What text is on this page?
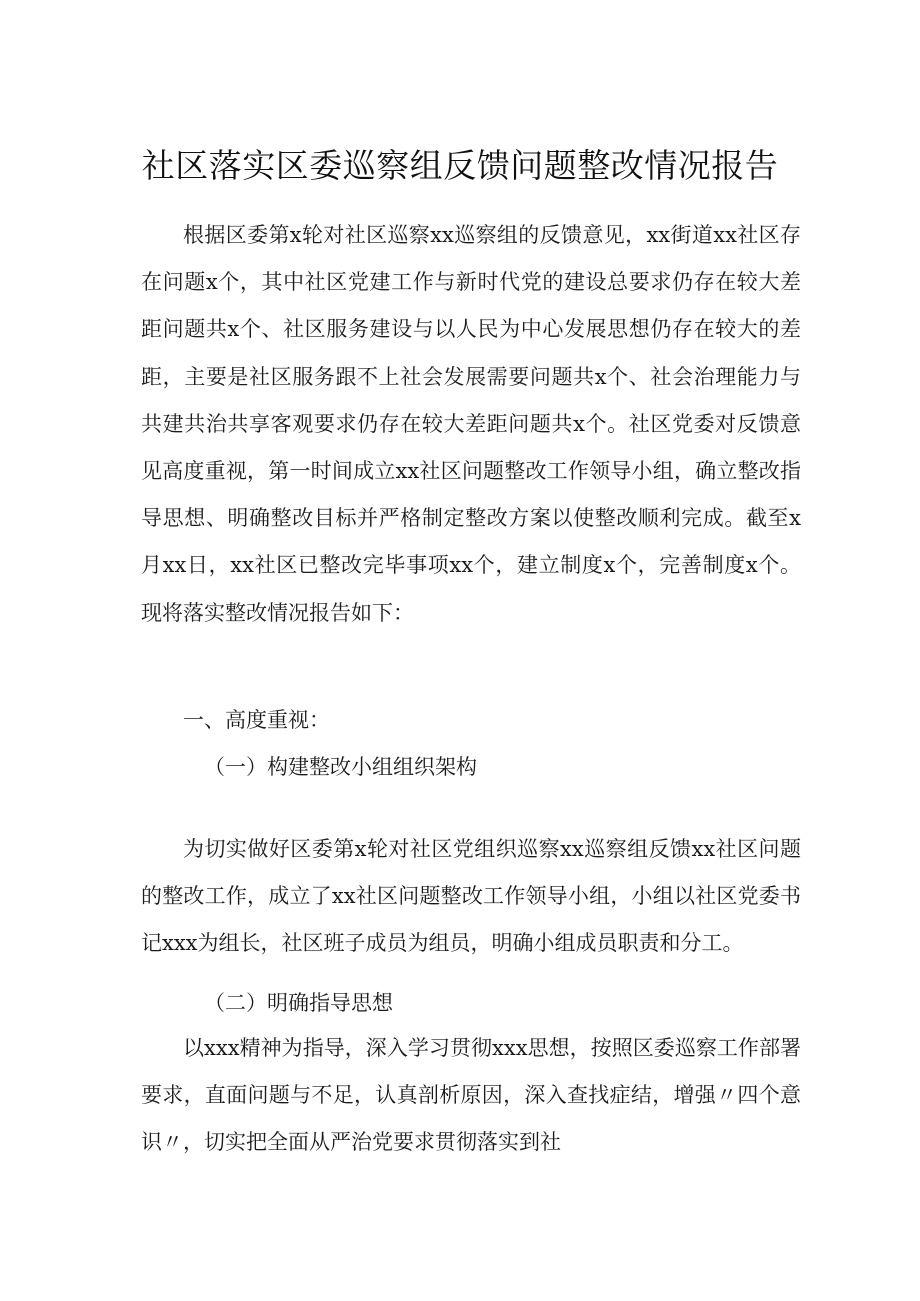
社区落实区委巡察组反馈问题整改情况报告

根据区委第x轮对社区巡察xx巡察组的反馈意见，xx街道xx社区存在问题x个，其中社区党建工作与新时代党的建设总要求仍存在较大差距问题共x个、社区服务建设与以人民为中心发展思想仍存在较大的差距，主要是社区服务跟不上社会发展需要问题共x个、社会治理能力与共建共治共享客观要求仍存在较大差距问题共x个。社区党委对反馈意见高度重视，第一时间成立xx社区问题整改工作领导小组，确立整改指导思想、明确整改目标并严格制定整改方案以使整改顺利完成。截至x月xx日，xx社区已整改完毕事项xx个，建立制度x个，完善制度x个。现将落实整改情况报告如下：

一、高度重视：

（一）构建整改小组组织架构

为切实做好区委第x轮对社区党组织巡察xx巡察组反馈xx社区问题的整改工作，成立了xx社区问题整改工作领导小组，小组以社区党委书记xxx为组长，社区班子成员为组员，明确小组成员职责和分工。

（二）明确指导思想

以xxx精神为指导，深入学习贯彻xxx思想，按照区委巡察工作部署要求，直面问题与不足，认真剖析原因，深入查找症结，增强〃四个意识〃，切实把全面从严治党要求贯彻落实到社
